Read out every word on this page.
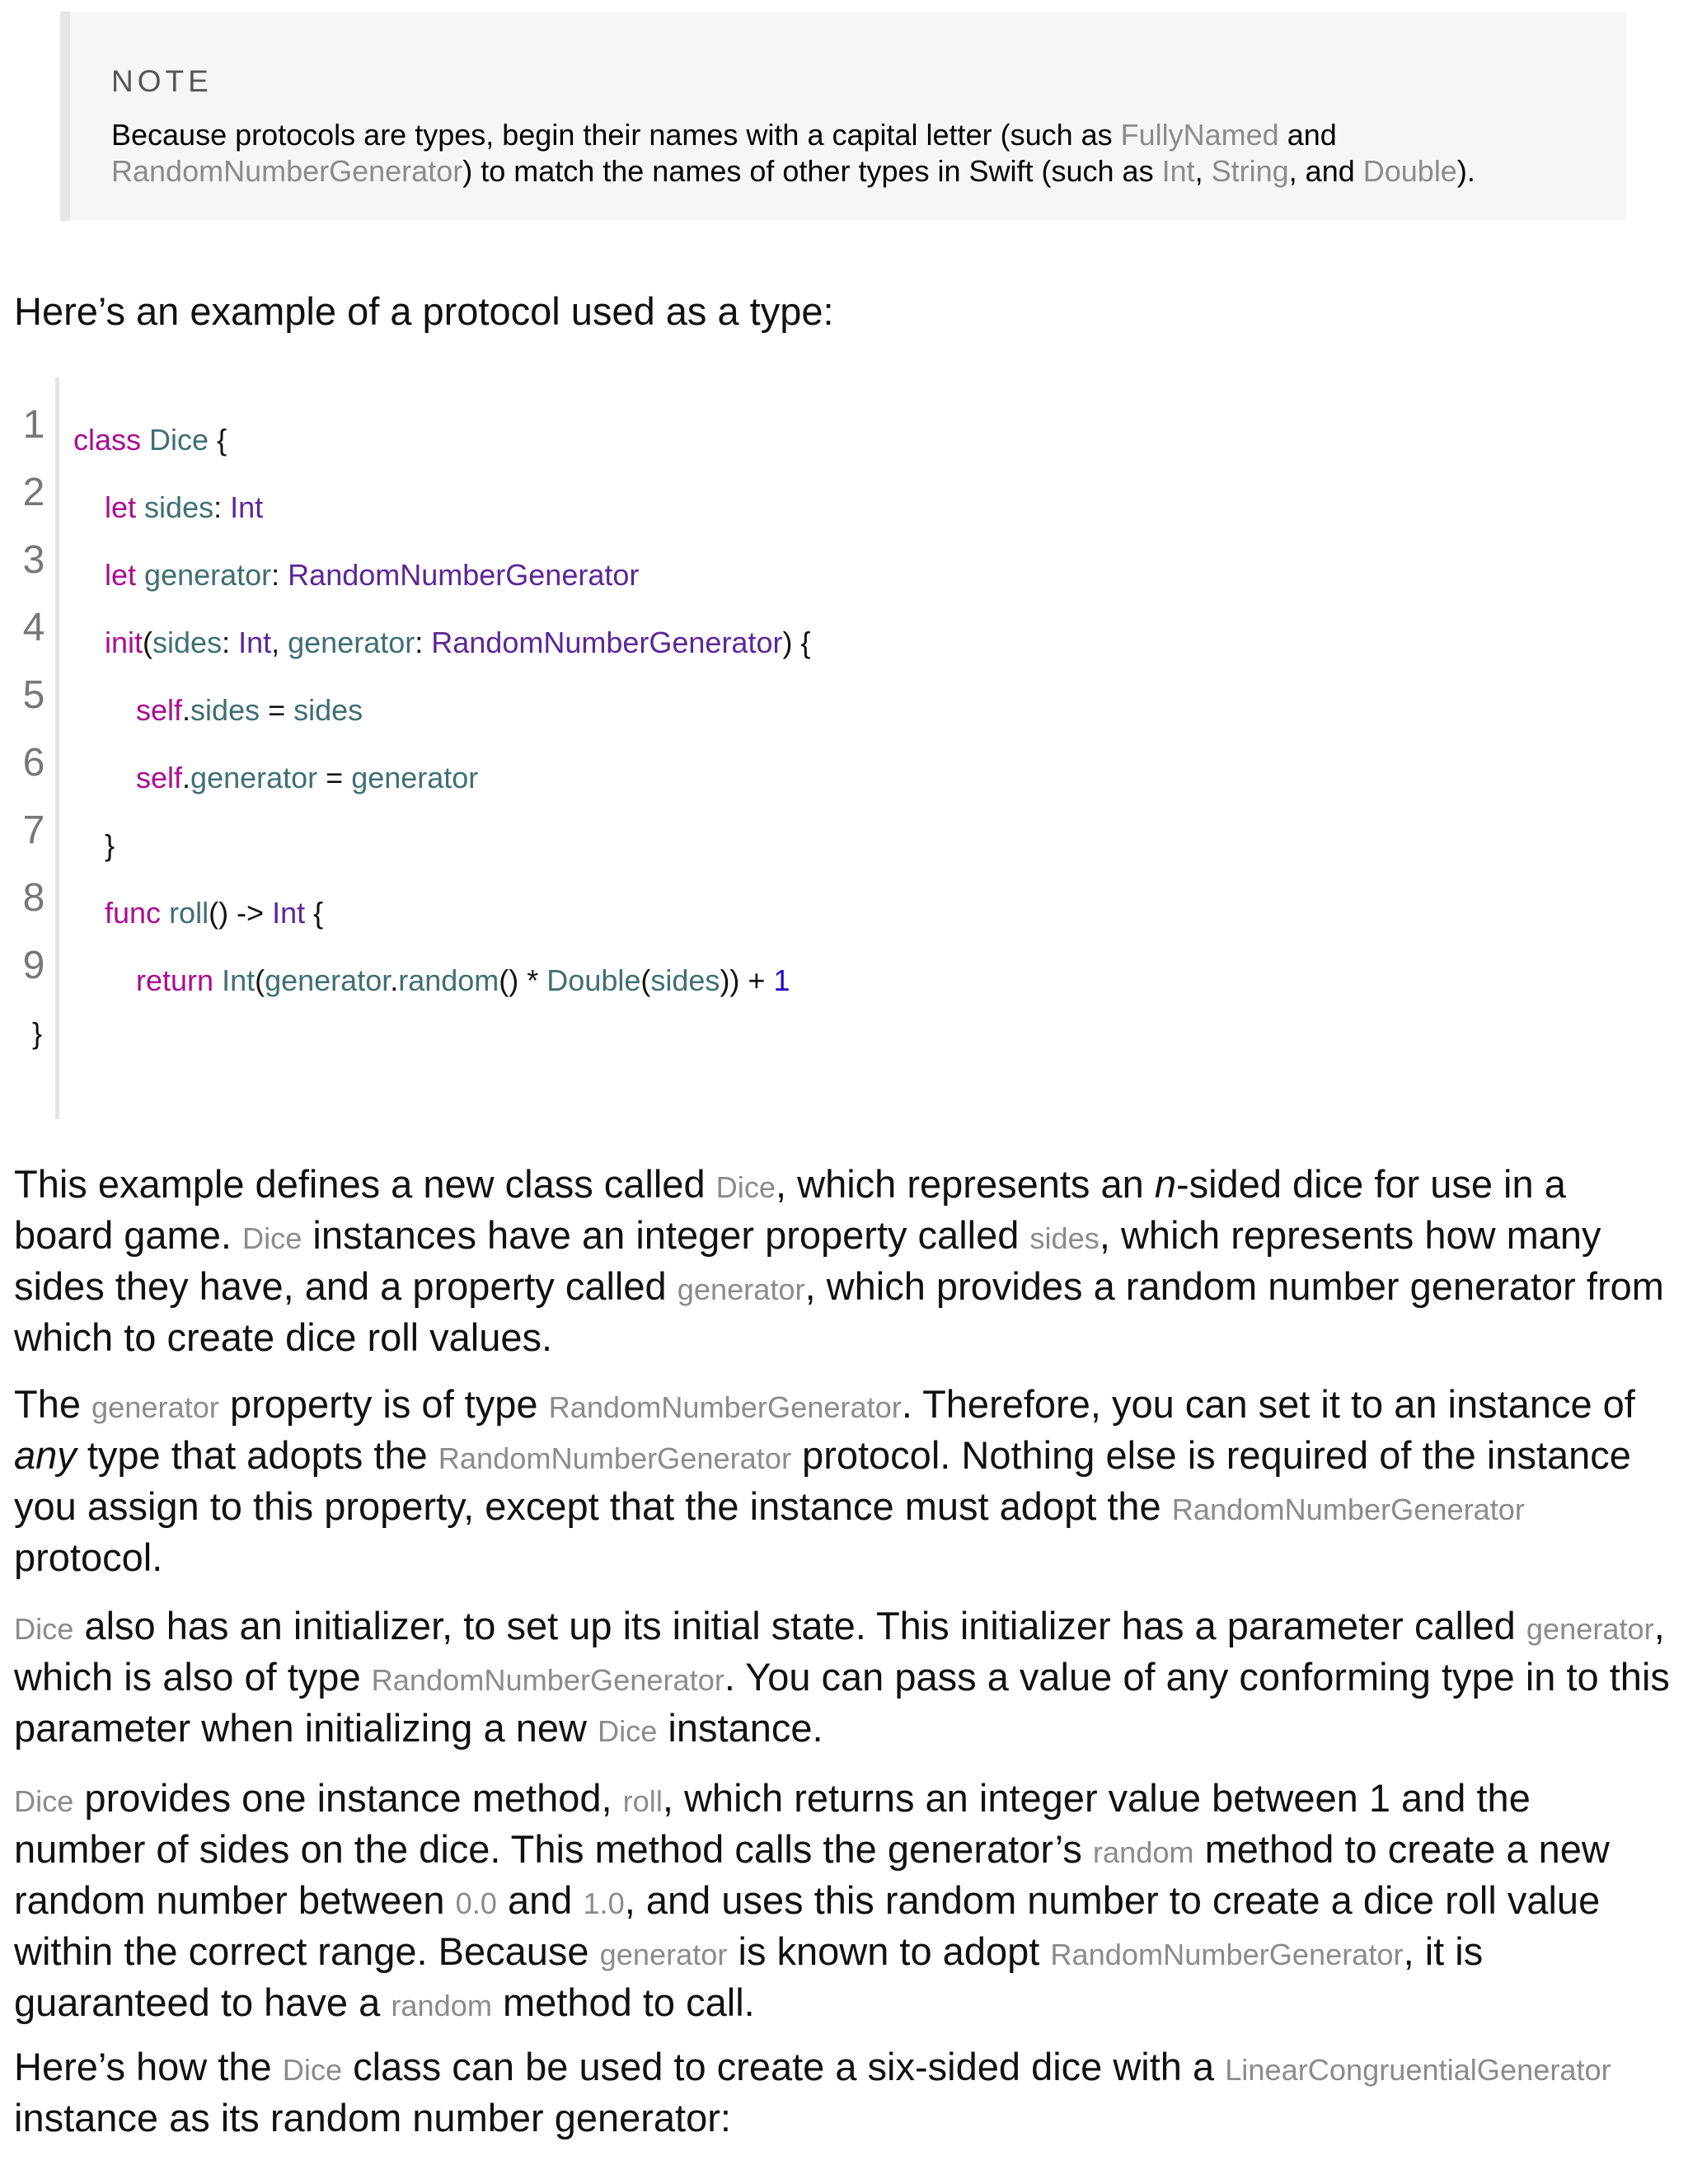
NOTE
Because protocols are types, begin their names with a capital letter (such as FullyNamed and RandomNumberGenerator) to match the names of other types in Swift (such as Int, String, and Double).

Here’s an example of a protocol used as a type:

1

class Dice {

2

let sides: Int

3

let generator: RandomNumberGenerator

4

init(sides: Int, generator: RandomNumberGenerator) {

5

	self.sides = sides

6

	self.generator = generator

7

}

8

func roll() -> Int {

9

	return Int(generator.random() * Double(sides)) + 1

}

This example defines a new class called Dice, which represents an n-sided dice for use in a board game. Dice instances have an integer property called sides, which represents how many sides they have, and a property called generator, which provides a random number generator from which to create dice roll values.

The generator property is of type RandomNumberGenerator. Therefore, you can set it to an instance of any type that adopts the RandomNumberGenerator protocol. Nothing else is required of the instance you assign to this property, except that the instance must adopt the RandomNumberGenerator protocol.

Dice also has an initializer, to set up its initial state. This initializer has a parameter called generator, which is also of type RandomNumberGenerator. You can pass a value of any conforming type in to this parameter when initializing a new Dice instance.

Dice provides one instance method, roll, which returns an integer value between 1 and the number of sides on the dice. This method calls the generator’s random method to create a new random number between 0.0 and 1.0, and uses this random number to create a dice roll value within the correct range. Because generator is known to adopt RandomNumberGenerator, it is guaranteed to have a random method to call.

Here’s how the Dice class can be used to create a six-sided dice with a LinearCongruentialGenerator instance as its random number generator:
